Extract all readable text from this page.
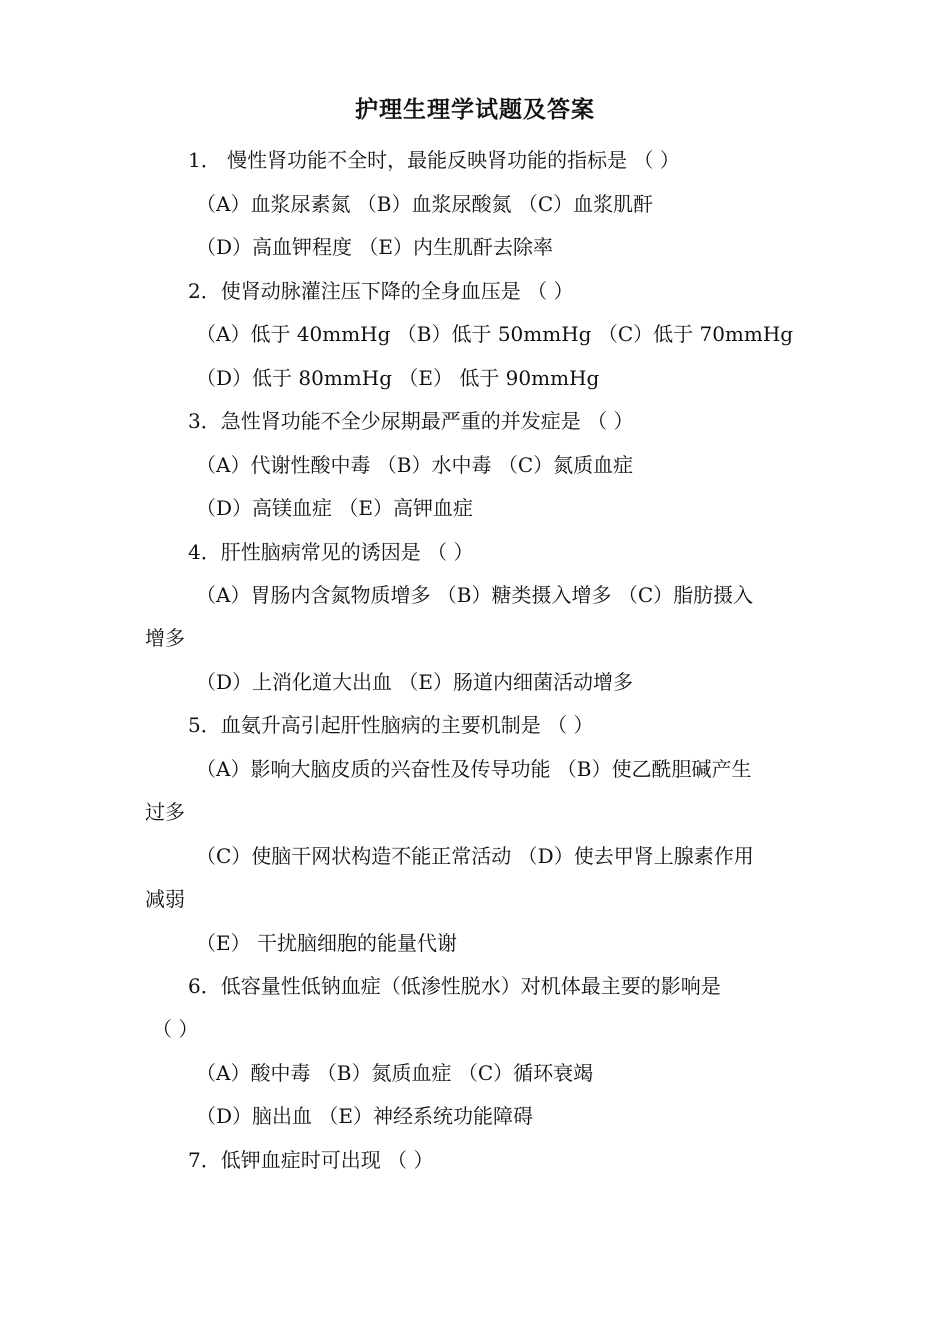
护理生理学试题及答案
1． 慢性肾功能不全时，最能反映肾功能的指标是 （ ）
（A）血浆尿素氮 （B）血浆尿酸氮 （C）血浆肌酐
（D）高血钾程度 （E）内生肌酐去除率
2．使肾动脉灌注压下降的全身血压是 （ ）
（A）低于 40mmHg （B）低于 50mmHg （C）低于 70mmHg
（D）低于 80mmHg （E） 低于 90mmHg
3．急性肾功能不全少尿期最严重的并发症是 （ ）
（A）代谢性酸中毒 （B）水中毒 （C）氮质血症
（D）高镁血症 （E）高钾血症
4．肝性脑病常见的诱因是 （ ）
（A）胃肠内含氮物质增多 （B）糖类摄入增多 （C）脂肪摄入
增多
（D）上消化道大出血 （E）肠道内细菌活动增多
5．血氨升高引起肝性脑病的主要机制是 （ ）
（A）影响大脑皮质的兴奋性及传导功能 （B）使乙酰胆碱产生
过多
（C）使脑干网状构造不能正常活动 （D）使去甲肾上腺素作用
减弱
（E） 干扰脑细胞的能量代谢
6．低容量性低钠血症（低渗性脱水）对机体最主要的影响是
（ ）
（A）酸中毒 （B）氮质血症 （C）循环衰竭
（D）脑出血 （E）神经系统功能障碍
7．低钾血症时可出现 （ ）
